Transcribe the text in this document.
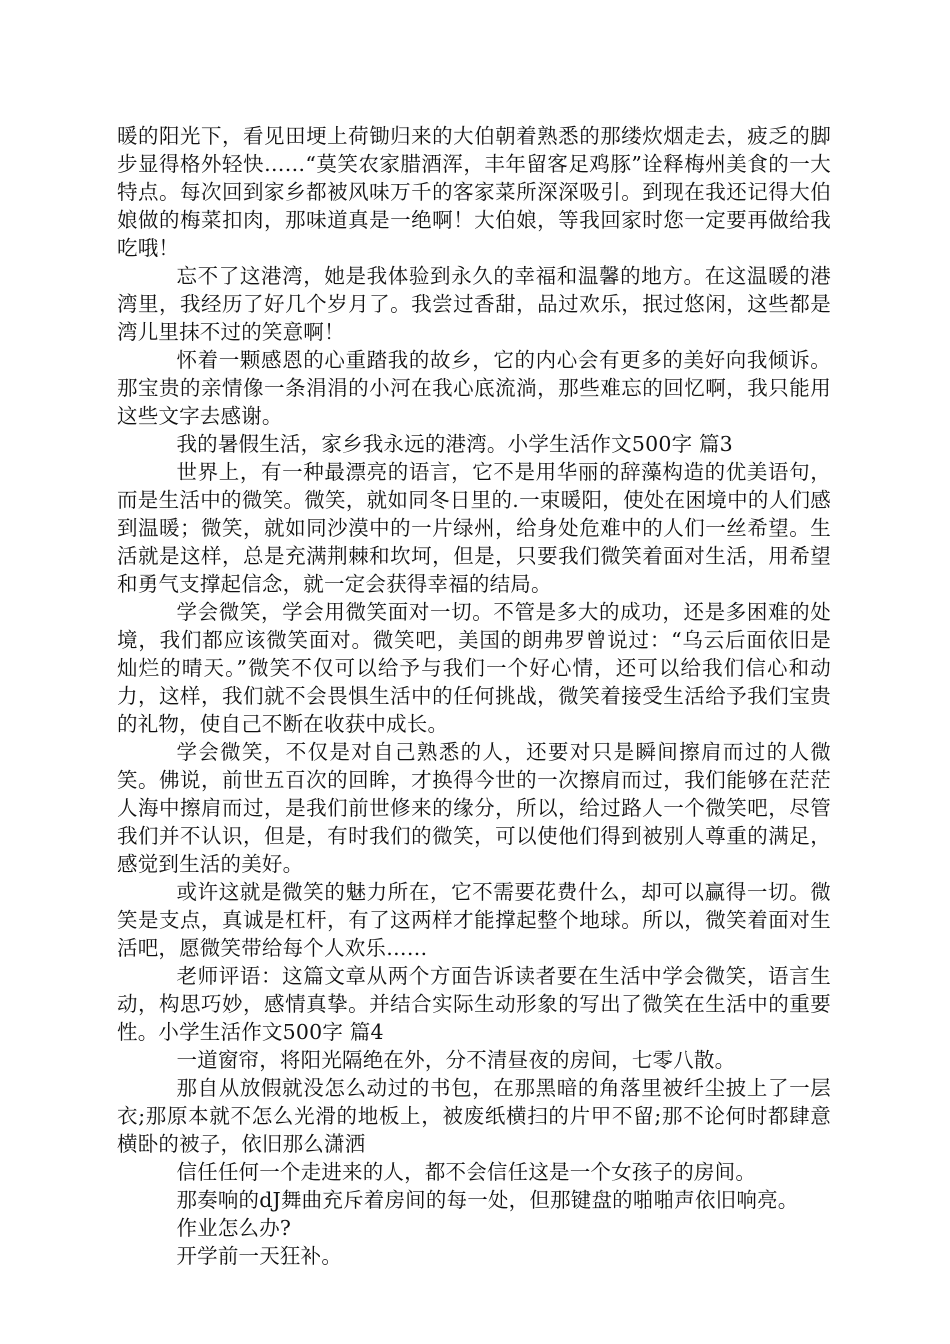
暖的阳光下，看见田埂上荷锄归来的大伯朝着熟悉的那缕炊烟走去，疲乏的脚步显得格外轻快……“莫笑农家腊酒浑，丰年留客足鸡豚”诠释梅州美食的一大特点。每次回到家乡都被风味万千的客家菜所深深吸引。到现在我还记得大伯娘做的梅菜扣肉，那味道真是一绝啊！大伯娘，等我回家时您一定要再做给我吃哦！

忘不了这港湾，她是我体验到永久的幸福和温馨的地方。在这温暖的港湾里，我经历了好几个岁月了。我尝过香甜，品过欢乐，抿过悠闲，这些都是湾儿里抹不过的笑意啊！

怀着一颗感恩的心重踏我的故乡，它的内心会有更多的美好向我倾诉。那宝贵的亲情像一条涓涓的小河在我心底流淌，那些难忘的回忆啊，我只能用这些文字去感谢。

我的暑假生活，家乡我永远的港湾。小学生活作文500字 篇3

世界上，有一种最漂亮的语言，它不是用华丽的辞藻构造的优美语句，而是生活中的微笑。微笑，就如同冬日里的.一束暖阳，使处在困境中的人们感到温暖；微笑，就如同沙漠中的一片绿州，给身处危难中的人们一丝希望。生活就是这样，总是充满荆棘和坎坷，但是，只要我们微笑着面对生活，用希望和勇气支撑起信念，就一定会获得幸福的结局。

学会微笑，学会用微笑面对一切。不管是多大的成功，还是多困难的处境，我们都应该微笑面对。微笑吧，美国的朗弗罗曾说过：“乌云后面依旧是灿烂的晴天。”微笑不仅可以给予与我们一个好心情，还可以给我们信心和动力，这样，我们就不会畏惧生活中的任何挑战，微笑着接受生活给予我们宝贵的礼物，使自己不断在收获中成长。

学会微笑，不仅是对自己熟悉的人，还要对只是瞬间擦肩而过的人微笑。佛说，前世五百次的回眸，才换得今世的一次擦肩而过，我们能够在茫茫人海中擦肩而过，是我们前世修来的缘分，所以，给过路人一个微笑吧，尽管我们并不认识，但是，有时我们的微笑，可以使他们得到被别人尊重的满足，感觉到生活的美好。

或许这就是微笑的魅力所在，它不需要花费什么，却可以赢得一切。微笑是支点，真诚是杠杆，有了这两样才能撑起整个地球。所以，微笑着面对生活吧，愿微笑带给每个人欢乐……

老师评语：这篇文章从两个方面告诉读者要在生活中学会微笑，语言生动，构思巧妙，感情真挚。并结合实际生动形象的写出了微笑在生活中的重要性。小学生活作文500字 篇4

一道窗帘，将阳光隔绝在外，分不清昼夜的房间，七零八散。

那自从放假就没怎么动过的书包，在那黑暗的角落里被纤尘披上了一层衣;那原本就不怎么光滑的地板上，被废纸横扫的片甲不留;那不论何时都肆意横卧的被子，依旧那么潇洒

信任任何一个走进来的人，都不会信任这是一个女孩子的房间。

那奏响的dJ舞曲充斥着房间的每一处，但那键盘的啪啪声依旧响亮。

作业怎么办?

开学前一天狂补。
